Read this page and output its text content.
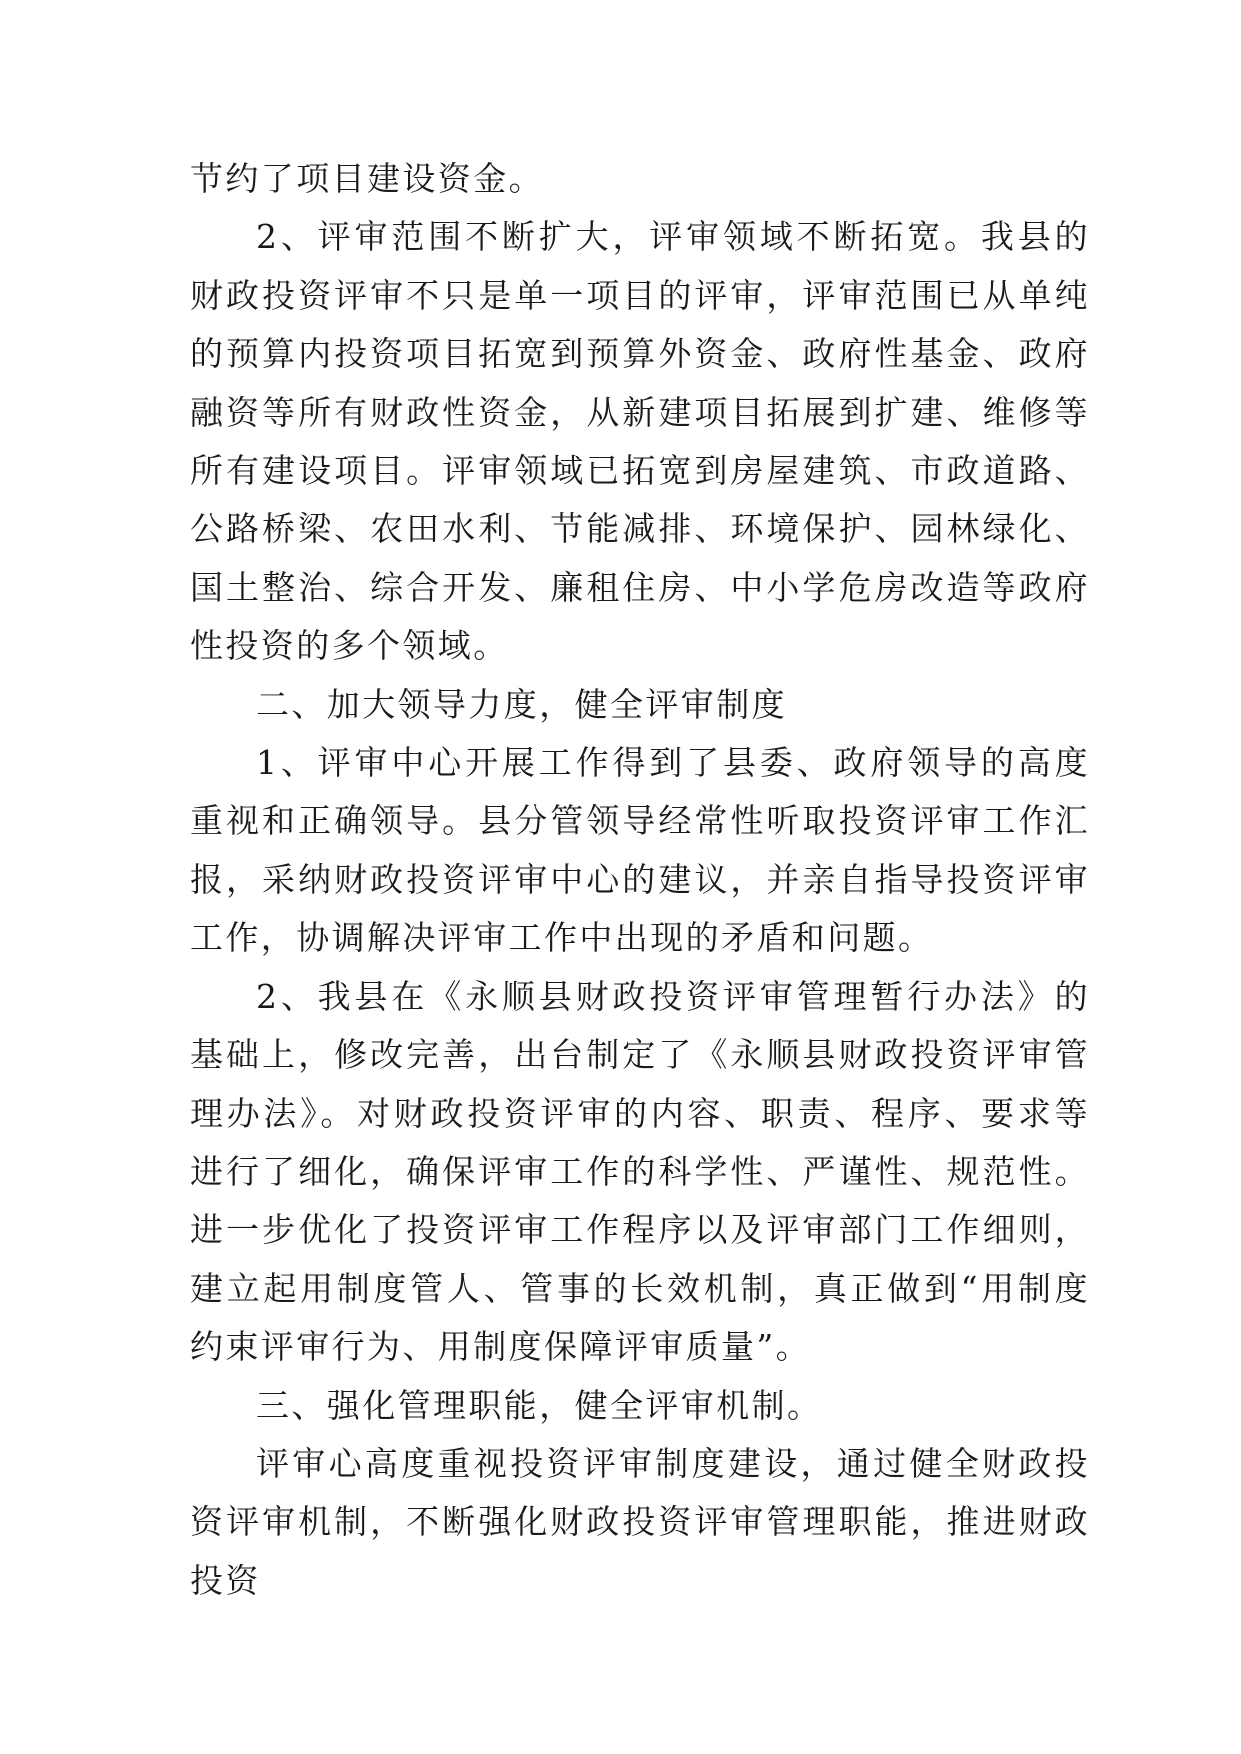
节约了项目建设资金。

2、评审范围不断扩大，评审领域不断拓宽。我县的财政投资评审不只是单一项目的评审，评审范围已从单纯的预算内投资项目拓宽到预算外资金、政府性基金、政府融资等所有财政性资金，从新建项目拓展到扩建、维修等所有建设项目。评审领域已拓宽到房屋建筑、市政道路、公路桥梁、农田水利、节能减排、环境保护、园林绿化、国土整治、综合开发、廉租住房、中小学危房改造等政府性投资的多个领域。

二、加大领导力度，健全评审制度

1、评审中心开展工作得到了县委、政府领导的高度重视和正确领导。县分管领导经常性听取投资评审工作汇报，采纳财政投资评审中心的建议，并亲自指导投资评审工作，协调解决评审工作中出现的矛盾和问题。

2、我县在《永顺县财政投资评审管理暂行办法》的基础上，修改完善，出台制定了《永顺县财政投资评审管理办法》。对财政投资评审的内容、职责、程序、要求等进行了细化，确保评审工作的科学性、严谨性、规范性。进一步优化了投资评审工作程序以及评审部门工作细则，建立起用制度管人、管事的长效机制，真正做到“用制度约束评审行为、用制度保障评审质量”。

三、强化管理职能，健全评审机制。

评审心高度重视投资评审制度建设，通过健全财政投资评审机制，不断强化财政投资评审管理职能，推进财政投资
